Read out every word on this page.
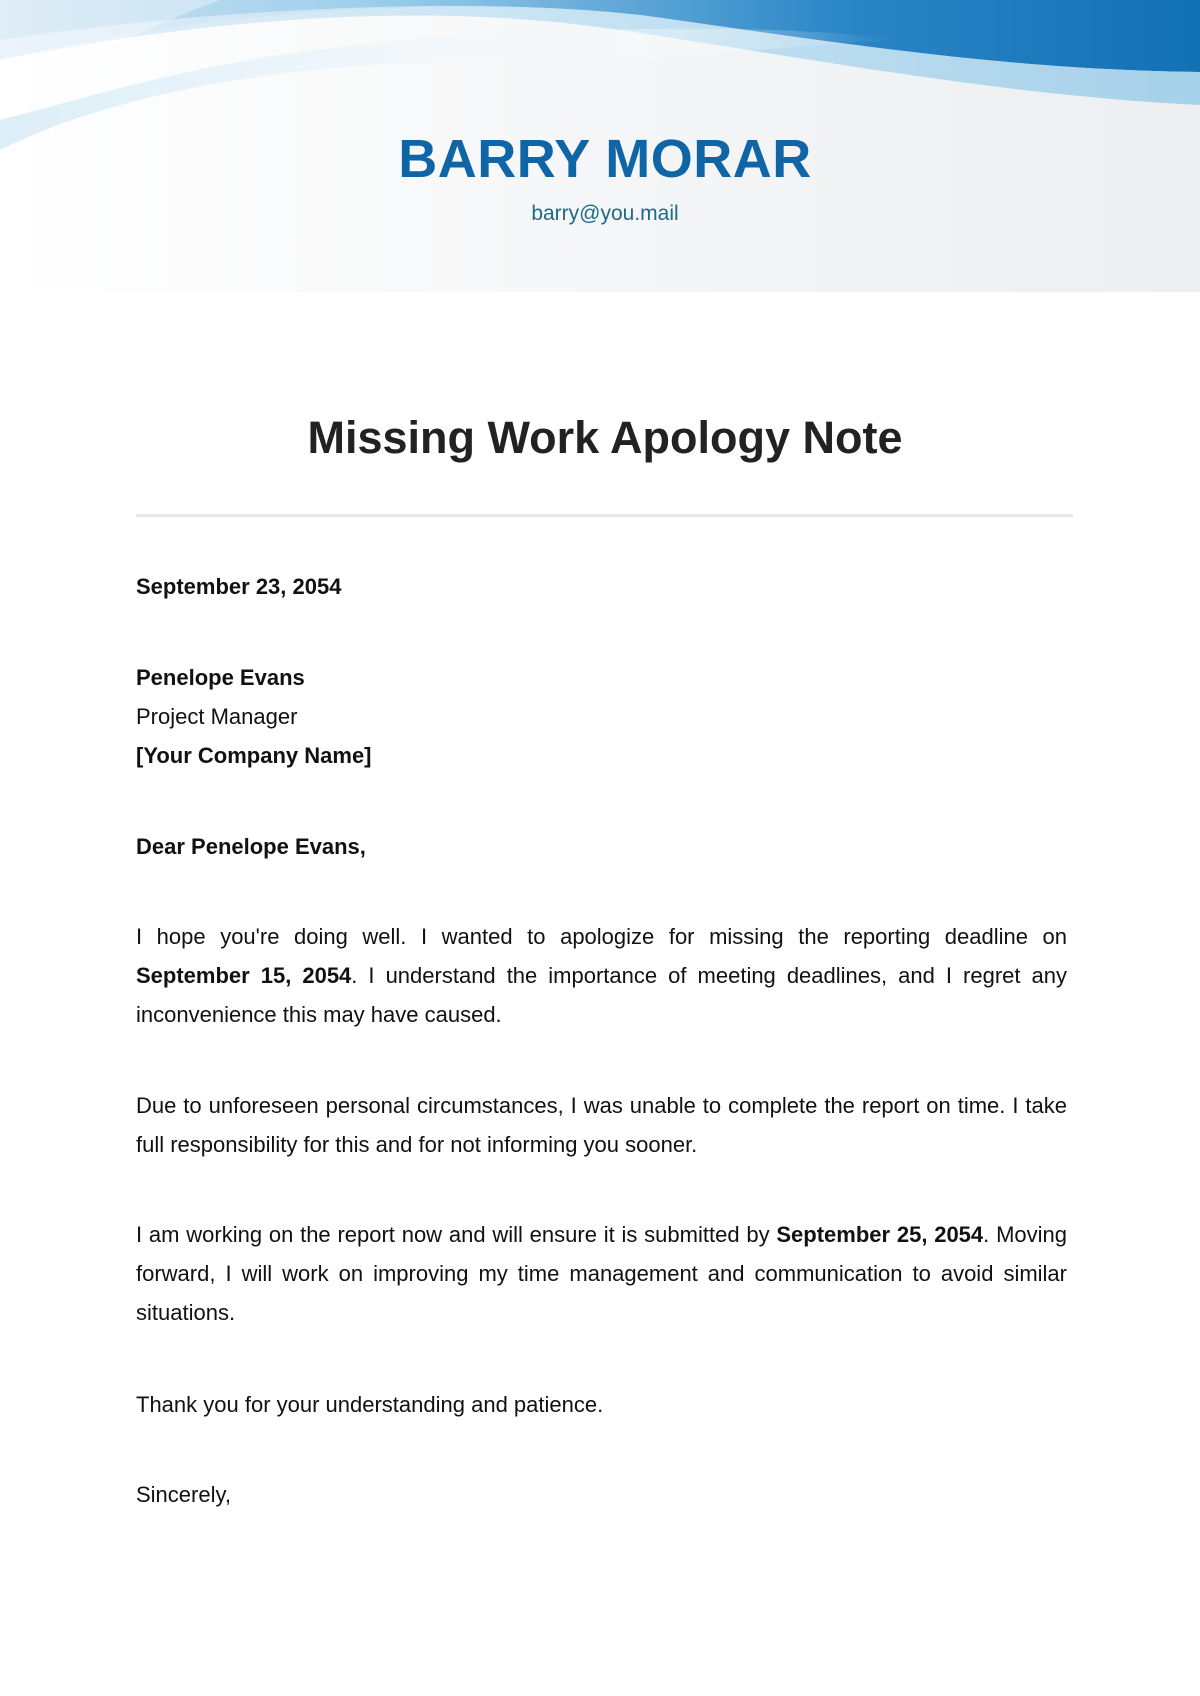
BARRY MORAR

barry@you.mail

Missing Work Apology Note

September 23, 2054

Penelope Evans
Project Manager
[Your Company Name]

Dear Penelope Evans,

I hope you're doing well. I wanted to apologize for missing the reporting deadline on September 15, 2054. I understand the importance of meeting deadlines, and I regret any inconvenience this may have caused.

Due to unforeseen personal circumstances, I was unable to complete the report on time. I take full responsibility for this and for not informing you sooner.

I am working on the report now and will ensure it is submitted by September 25, 2054. Moving forward, I will work on improving my time management and communication to avoid similar situations.

Thank you for your understanding and patience.

Sincerely,
